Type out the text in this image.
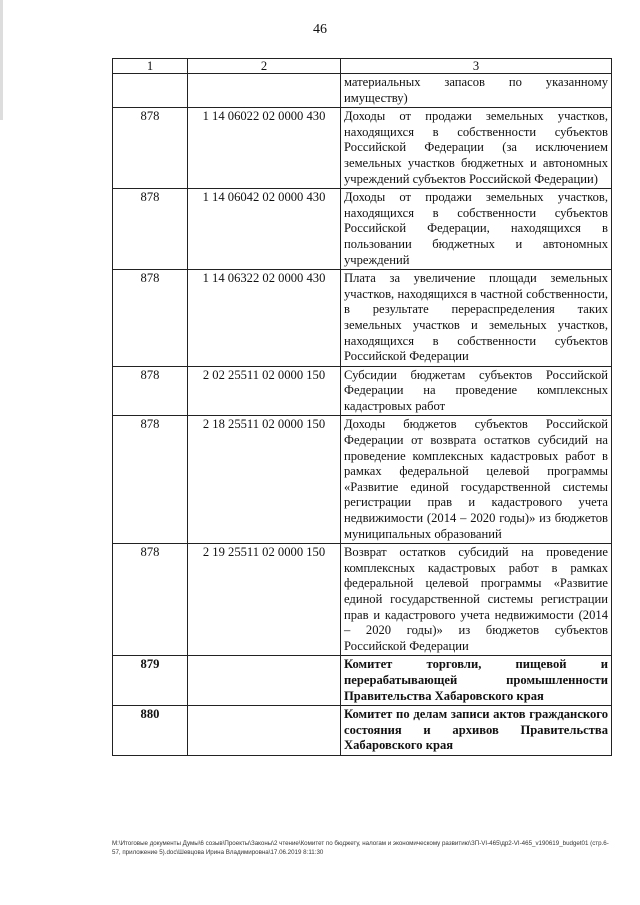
46
1	2	3
		материальных запасов по указанному имуществу)
878	1 14 06022 02 0000 430	Доходы от продажи земельных участков, находящихся в собственности субъектов Российской Федерации (за исключением земельных участков бюджетных и автономных учреждений субъектов Российской Федерации)
878	1 14 06042 02 0000 430	Доходы от продажи земельных участков, находящихся в собственности субъектов Российской Федерации, находящихся в пользовании бюджетных и автономных учреждений
878	1 14 06322 02 0000 430	Плата за увеличение площади земельных участков, находящихся в частной собственности, в результате перераспределения таких земельных участков и земельных участков, находящихся в собственности субъектов Российской Федерации
878	2 02 25511 02 0000 150	Субсидии бюджетам субъектов Российской Федерации на проведение комплексных кадастровых работ
878	2 18 25511 02 0000 150	Доходы бюджетов субъектов Российской Федерации от возврата остатков субсидий на проведение комплексных кадастровых работ в рамках федеральной целевой программы «Развитие единой государственной системы регистрации прав и кадастрового учета недвижимости (2014 – 2020 годы)» из бюджетов муниципальных образований
878	2 19 25511 02 0000 150	Возврат остатков субсидий на проведение комплексных кадастровых работ в рамках федеральной целевой программы «Развитие единой государственной системы регистрации прав и кадастрового учета недвижимости (2014 – 2020 годы)» из бюджетов субъектов Российской Федерации
879		Комитет торговли, пищевой и перерабатывающей промышленности Правительства Хабаровского края
880		Комитет по делам записи актов гражданского состояния и архивов Правительства Хабаровского края
M:\Итоговые документы Думы\6 созыв\Проекты\Законы\2 чтение\Комитет по бюджету, налогам и экономическому развитию\ЗП-VI-465\др2-VI-465_v190619_budget01 (стр.6-57, приложение 5).doc\Шевцова Ирина Владимировна\17.06.2019 8:11:30
